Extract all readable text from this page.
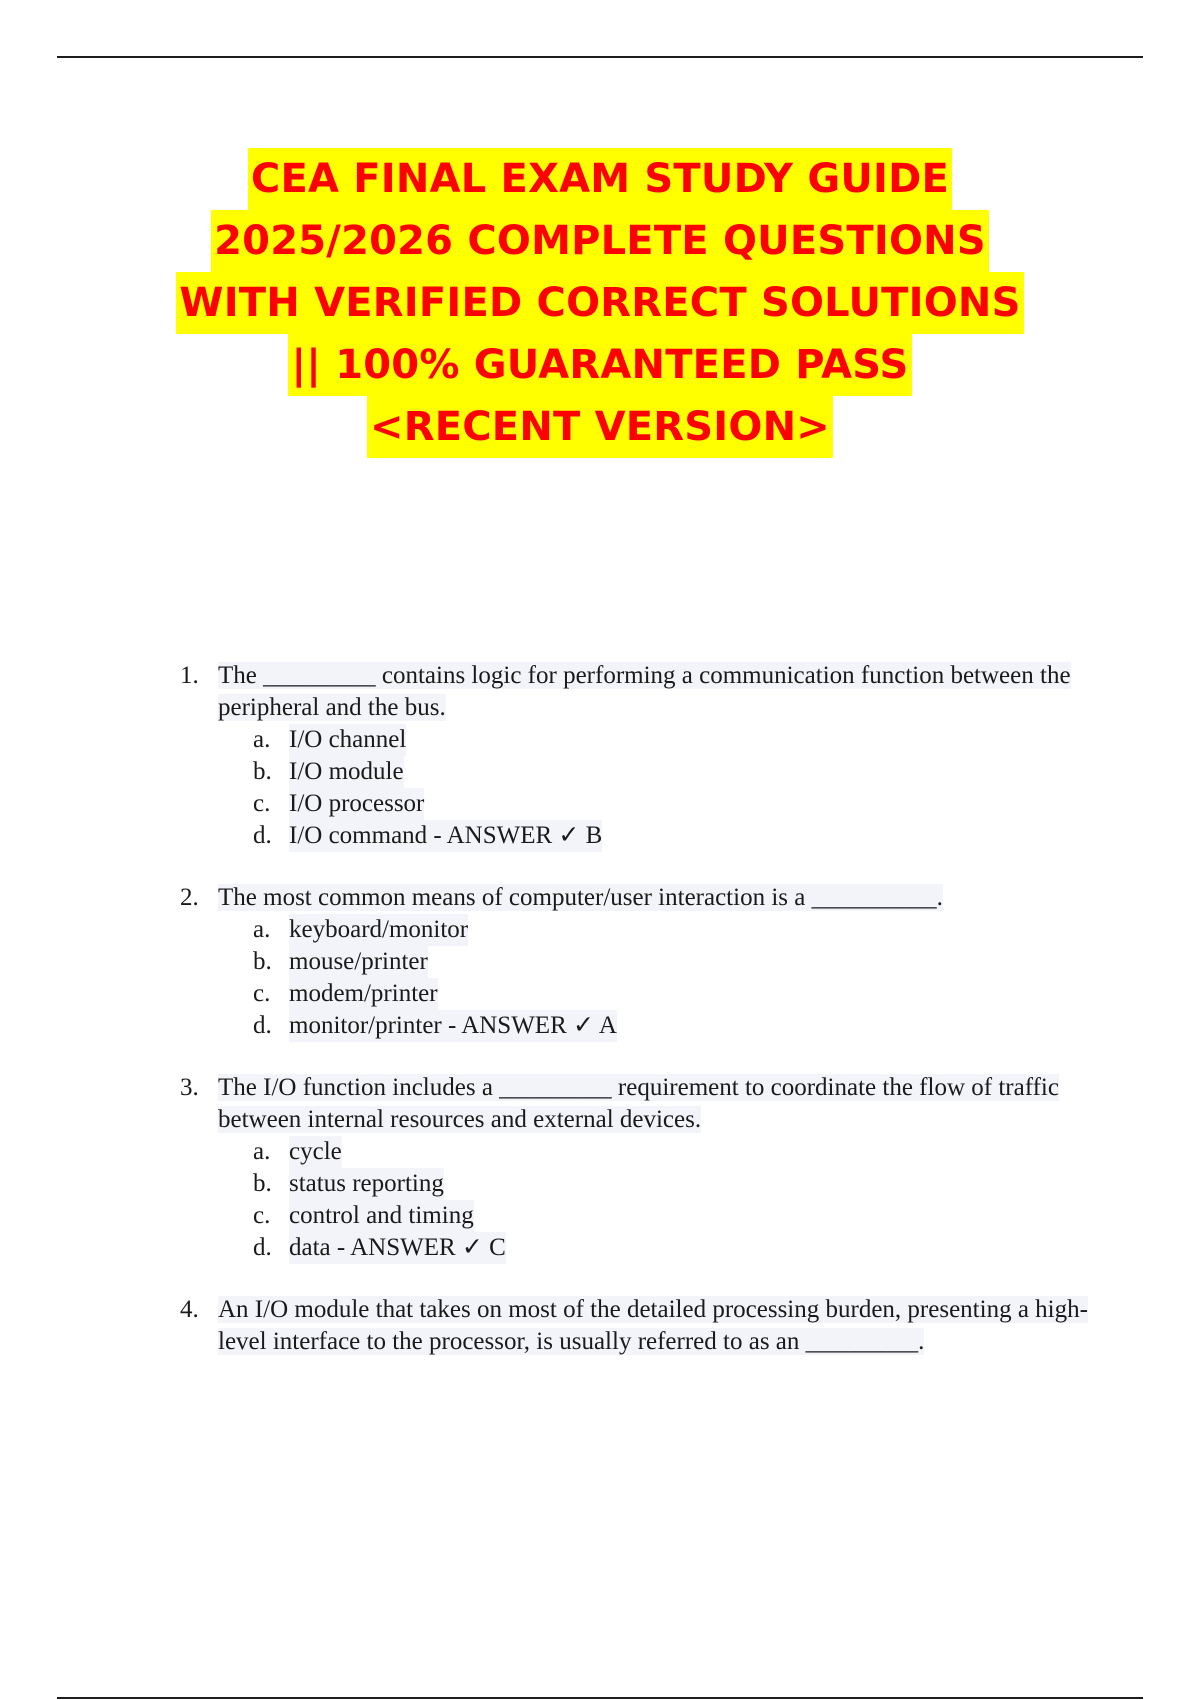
CEA FINAL EXAM STUDY GUIDE
2025/2026 COMPLETE QUESTIONS
WITH VERIFIED CORRECT SOLUTIONS
|| 100% GUARANTEED PASS
<RECENT VERSION>
1. The _________ contains logic for performing a communication function between the peripheral and the bus.
a. I/O channel
b. I/O module
c. I/O processor
d. I/O command - ANSWER ✓ B
2. The most common means of computer/user interaction is a __________.
a. keyboard/monitor
b. mouse/printer
c. modem/printer
d. monitor/printer - ANSWER ✓ A
3. The I/O function includes a _________ requirement to coordinate the flow of traffic between internal resources and external devices.
a. cycle
b. status reporting
c. control and timing
d. data - ANSWER ✓ C
4. An I/O module that takes on most of the detailed processing burden, presenting a high-level interface to the processor, is usually referred to as an _________.
